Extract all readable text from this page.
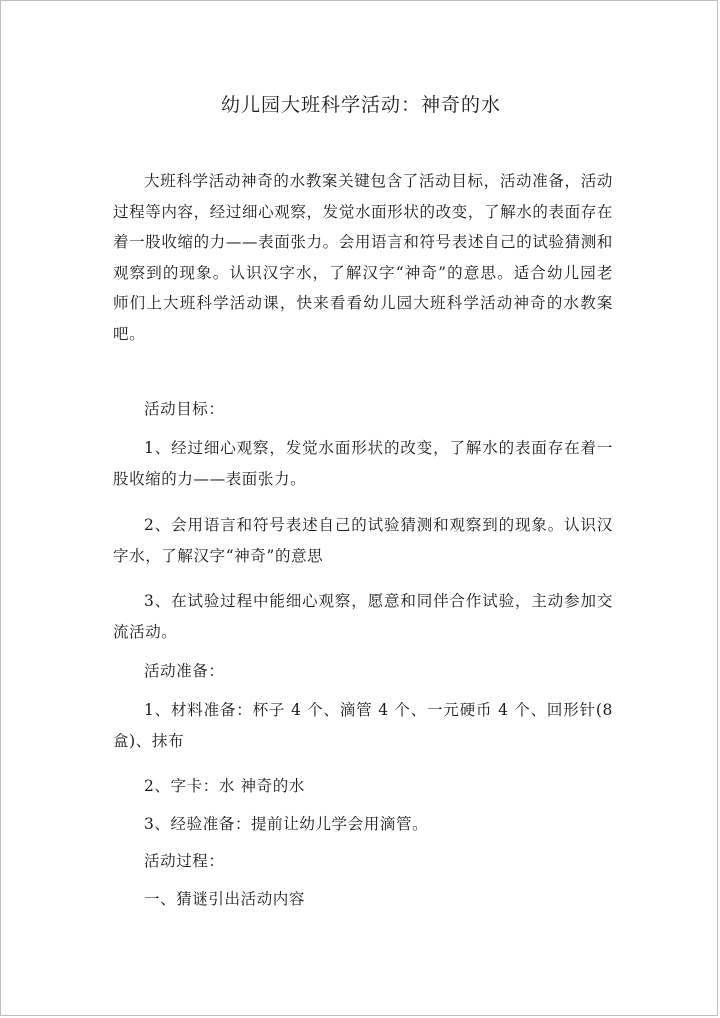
幼儿园大班科学活动：神奇的水

大班科学活动神奇的水教案关键包含了活动目标，活动准备，活动过程等内容，经过细心观察，发觉水面形状的改变，了解水的表面存在着一股收缩的力——表面张力。会用语言和符号表述自己的试验猜测和观察到的现象。认识汉字水，了解汉字“神奇”的意思。适合幼儿园老师们上大班科学活动课，快来看看幼儿园大班科学活动神奇的水教案吧。

活动目标：

1、经过细心观察，发觉水面形状的改变，了解水的表面存在着一股收缩的力——表面张力。

2、会用语言和符号表述自己的试验猜测和观察到的现象。认识汉字水，了解汉字“神奇”的意思

3、在试验过程中能细心观察，愿意和同伴合作试验，主动参加交流活动。

活动准备：

1、材料准备：杯子 4 个、滴管 4 个、一元硬币 4 个、回形针(8 盒)、抹布

2、字卡：水 神奇的水

3、经验准备：提前让幼儿学会用滴管。

活动过程：

一、猜谜引出活动内容
